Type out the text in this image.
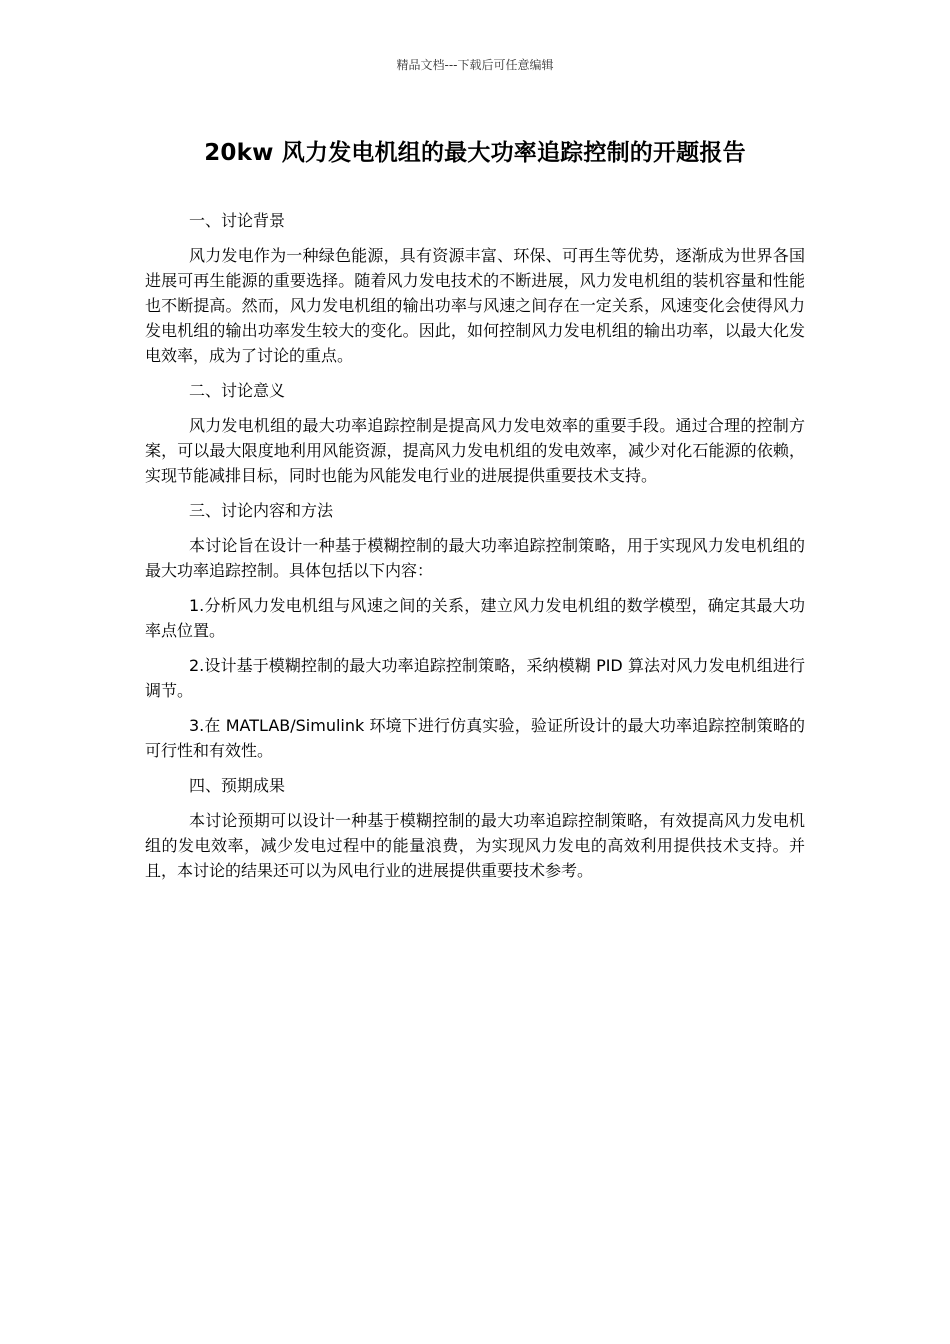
精品文档---下载后可任意编辑
20kw 风力发电机组的最大功率追踪控制的开题报告

一、讨论背景

风力发电作为一种绿色能源，具有资源丰富、环保、可再生等优势，逐渐成为世界各国进展可再生能源的重要选择。随着风力发电技术的不断进展，风力发电机组的装机容量和性能也不断提高。然而，风力发电机组的输出功率与风速之间存在一定关系，风速变化会使得风力发电机组的输出功率发生较大的变化。因此，如何控制风力发电机组的输出功率，以最大化发电效率，成为了讨论的重点。

二、讨论意义

风力发电机组的最大功率追踪控制是提高风力发电效率的重要手段。通过合理的控制方案，可以最大限度地利用风能资源，提高风力发电机组的发电效率，减少对化石能源的依赖，实现节能减排目标，同时也能为风能发电行业的进展提供重要技术支持。

三、讨论内容和方法

本讨论旨在设计一种基于模糊控制的最大功率追踪控制策略，用于实现风力发电机组的最大功率追踪控制。具体包括以下内容：

1.分析风力发电机组与风速之间的关系，建立风力发电机组的数学模型，确定其最大功率点位置。

2.设计基于模糊控制的最大功率追踪控制策略，采纳模糊 PID 算法对风力发电机组进行调节。

3.在 MATLAB/Simulink 环境下进行仿真实验，验证所设计的最大功率追踪控制策略的可行性和有效性。

四、预期成果

本讨论预期可以设计一种基于模糊控制的最大功率追踪控制策略，有效提高风力发电机组的发电效率，减少发电过程中的能量浪费，为实现风力发电的高效利用提供技术支持。并且，本讨论的结果还可以为风电行业的进展提供重要技术参考。
